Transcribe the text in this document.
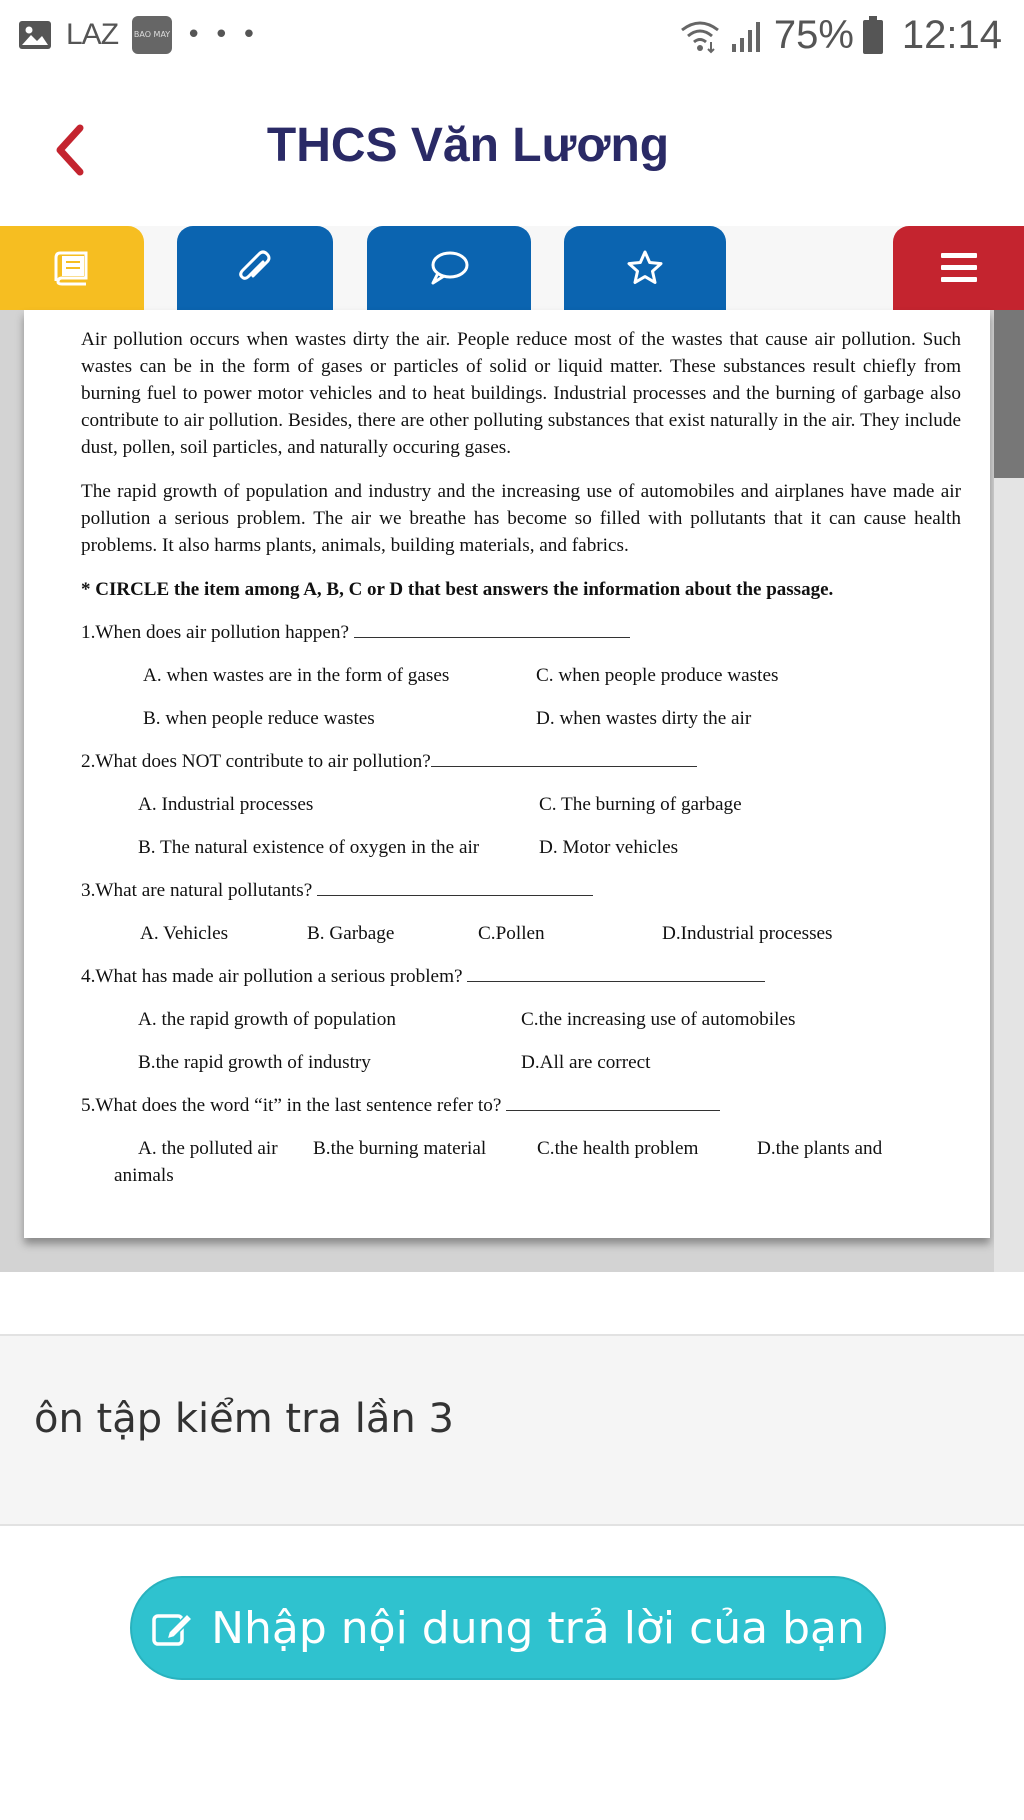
LAZ BAO MAY • • •	75% 12:14
THCS Văn Lương

Air pollution occurs when wastes dirty the air. People reduce most of the wastes that cause air pollution. Such wastes can be in the form of gases or particles of solid or liquid matter. These substances result chiefly from burning fuel to power motor vehicles and to heat buildings. Industrial processes and the burning of garbage also contribute to air pollution. Besides, there are other polluting substances that exist naturally in the air. They include dust, pollen, soil particles, and naturally occuring gases.

The rapid growth of population and industry and the increasing use of automobiles and airplanes have made air pollution a serious problem. The air we breathe has become so filled with pollutants that it can cause health problems. It also harms plants, animals, building materials, and fabrics.

* CIRCLE the item among A, B, C or D that best answers the information about the passage.
1.When does air pollution happen?
A. when wastes are in the form of gases	C. when people produce wastes
B. when people reduce wastes	D. when wastes dirty the air
2.What does NOT contribute to air pollution?
A. Industrial processes	C. The burning of garbage
B. The natural existence of oxygen in the air	D. Motor vehicles
3.What are natural pollutants?
A. Vehicles	B. Garbage	C.Pollen	D.Industrial processes
4.What has made air pollution a serious problem?
A. the rapid growth of population	C.the increasing use of automobiles
B.the rapid growth of industry	D.All are correct
5.What does the word “it” in the last sentence refer to?
A. the polluted air B.the burning material	C.the health problem	D.the plants and
animals
ôn tập kiểm tra lần 3
Nhập nội dung trả lời của bạn
